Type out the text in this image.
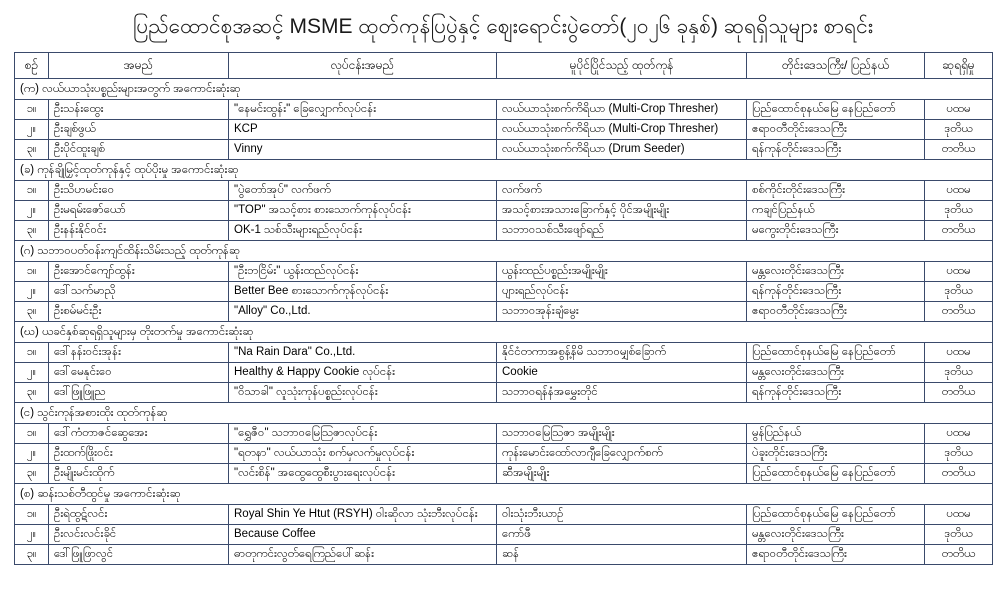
ပြည်ထောင်စုအဆင့် MSME ထုတ်ကုန်ပြပွဲနှင့် ဈေးရောင်းပွဲတော်(၂၀၂၆ ခုနှစ်) ဆုရရှိသူများ စာရင်း
စဉ်	အမည်	လုပ်ငန်းအမည်	မူပိုင်ပြိုင်သည့် ထုတ်ကုန်	တိုင်းဒေသကြီး/ ပြည်နယ်	ဆုရရှိမှု
(က) လယ်ယာသုံးပစ္စည်းများအတွက် အကောင်းဆုံးဆု					
၁။	ဦးသန်းထွေး	"နေမင်းထွန်း" ခြေလျှောက်လုပ်ငန်း	လယ်ယာသုံးစက်ကိရိယာ (Multi-Crop Thresher)	ပြည်ထောင်စုနယ်မြေ နေပြည်တော်	ပထမ
၂။	ဦးချစ်ဖွယ်	KCP	လယ်ယာသုံးစက်ကိရိယာ (Multi-Crop Thresher)	ဧရာဝတီတိုင်းဒေသကြီး	ဒုတိယ
၃။	ဦးပိုင်ထူးချစ်	Vinny	လယ်ယာသုံးစက်ကိရိယာ (Drum Seeder)	ရန်ကုန်တိုင်းဒေသကြီး	တတိယ
(ခ) ကုန်ချိုမြှင့်ထုတ်ကုန်နှင့် ထုပ်ပိုးမှု အကောင်းဆုံးဆု					
၁။	ဦးသိဟမင်းဝေ	"ပွဲတော်အုပ်" လက်ဖက်	လက်ဖက်	စစ်ကိုင်းတိုင်းဒေသကြီး	ပထမ
၂။	ဦးမရမ်းဇော်ယော်	"TOP" အသင့်စား စားသောက်ကုန်လုပ်ငန်း	အသင့်စားအသားခြောက်နှင့် ပိုင်အမျိုးမျိုး	ကချင်ပြည်နယ်	ဒုတိယ
၃။	ဦးနန်းနိုင်ဝင်း	OK-1 သစ်သီးများရည်လုပ်ငန်း	သဘာဝသစ်သီးဖျော်ရည်	မကွေးတိုင်းဒေသကြီး	တတိယ
(ဂ) သဘာဝပတ်ဝန်းကျင်ထိန်းသိမ်းသည့် ထုတ်ကုန်ဆု					
၁။	ဦးအောင်ကျော်ထွန်း	"ဦးဘငြိမ်း" ယွန်းထည်လုပ်ငန်း	ယွန်းထည်ပစ္စည်းအမျိုးမျိုး	မန္တလေးတိုင်းဒေသကြီး	ပထမ
၂။	ဒေါ်သက်မာညို	Better Bee စားသောက်ကုန်လုပ်ငန်း	ပျားရည်လုပ်ငန်း	ရန်ကုန်တိုင်းဒေသကြီး	ဒုတိယ
၃။	ဦးစမ်မင်းဦး	"Alloy" Co.,Ltd.	သဘာဝအုန်းချံမွေး	ဧရာဝတီတိုင်းဒေသကြီး	တတိယ
(ဃ) ယခင်နှစ်ဆုရရှိသူများမှ တိုးတက်မှု အကောင်းဆုံးဆု					
၁။	ဒေါ်နန်းဝင်းအုန်း	"Na Rain Dara" Co.,Ltd.	နိုင်ငံတကာအစွန့်နိမိ သဘာဝမျှစ်ခြောက်	ပြည်ထောင်စုနယ်မြေ နေပြည်တော်	ပထမ
၂။	ဒေါ်မေနုင်းဝေ	Healthy & Happy Cookie လုပ်ငန်း	Cookie	မန္တလေးတိုင်းဒေသကြီး	ဒုတိယ
၃။	ဒေါ်ဖြူဖြူည	"ဝိသာခါ" လူသုံးကုန်ပစ္စည်းလုပ်ငန်း	သဘာဝရန်နံအမွှေးတိုင်	ရန်ကုန်တိုင်းဒေသကြီး	တတိယ
(င) သွင်းကုန်အစားထိုး ထုတ်ကုန်ဆု					
၁။	ဒေါ်ကံတာဇင်ဆွေအေး	"ရွှေဇီဝ" သဘာဝမြေဩဇာလုပ်ငန်း	သဘာဝမြေဩဇာ အမျိုးမျိုး	မွန်ပြည်နယ်	ပထမ
၂။	ဦးထက်ဖြိုးဝင်း	"ရတနာ" လယ်ယာသုံး စက်မှလက်မှုလုပ်ငန်း	ကုန်းမောင်းထော်လာဂျီခြေလျှောက်စက်	ပဲခူးတိုင်းဒေသကြီး	ဒုတိယ
၃။	ဦးမျိုးမင်းထိုက်	"လင်းစိန်" အထွေထွေစီးပွားရေးလုပ်ငန်း	ဆီအမျိုးမျိုး	ပြည်ထောင်စုနယ်မြေ နေပြည်တော်	တတိယ
(စ) ဆန်းသစ်တီထွင်မှု အကောင်းဆုံးဆု					
၁။	ဦးရဲထွဋ်လင်း	Royal Shin Ye Htut (RSYH) ဝါးဆိုလာ သုံးဘီးလုပ်ငန်း	ဝါးသုံးဘီးယာဉ်	ပြည်ထောင်စုနယ်မြေ နေပြည်တော်	ပထမ
၂။	ဦးလင်းလင်းခိုင်	Because Coffee	ကော်ဖီ	မန္တလေးတိုင်းဒေသကြီး	ဒုတိယ
၃။	ဒေါ်ဖြူဖြာလွင်	ဓာတုကင်းလွတ်ရေကြည်ပေါ်ဆန်း	ဆန်	ဧရာဝတီတိုင်းဒေသကြီး	တတိယ
